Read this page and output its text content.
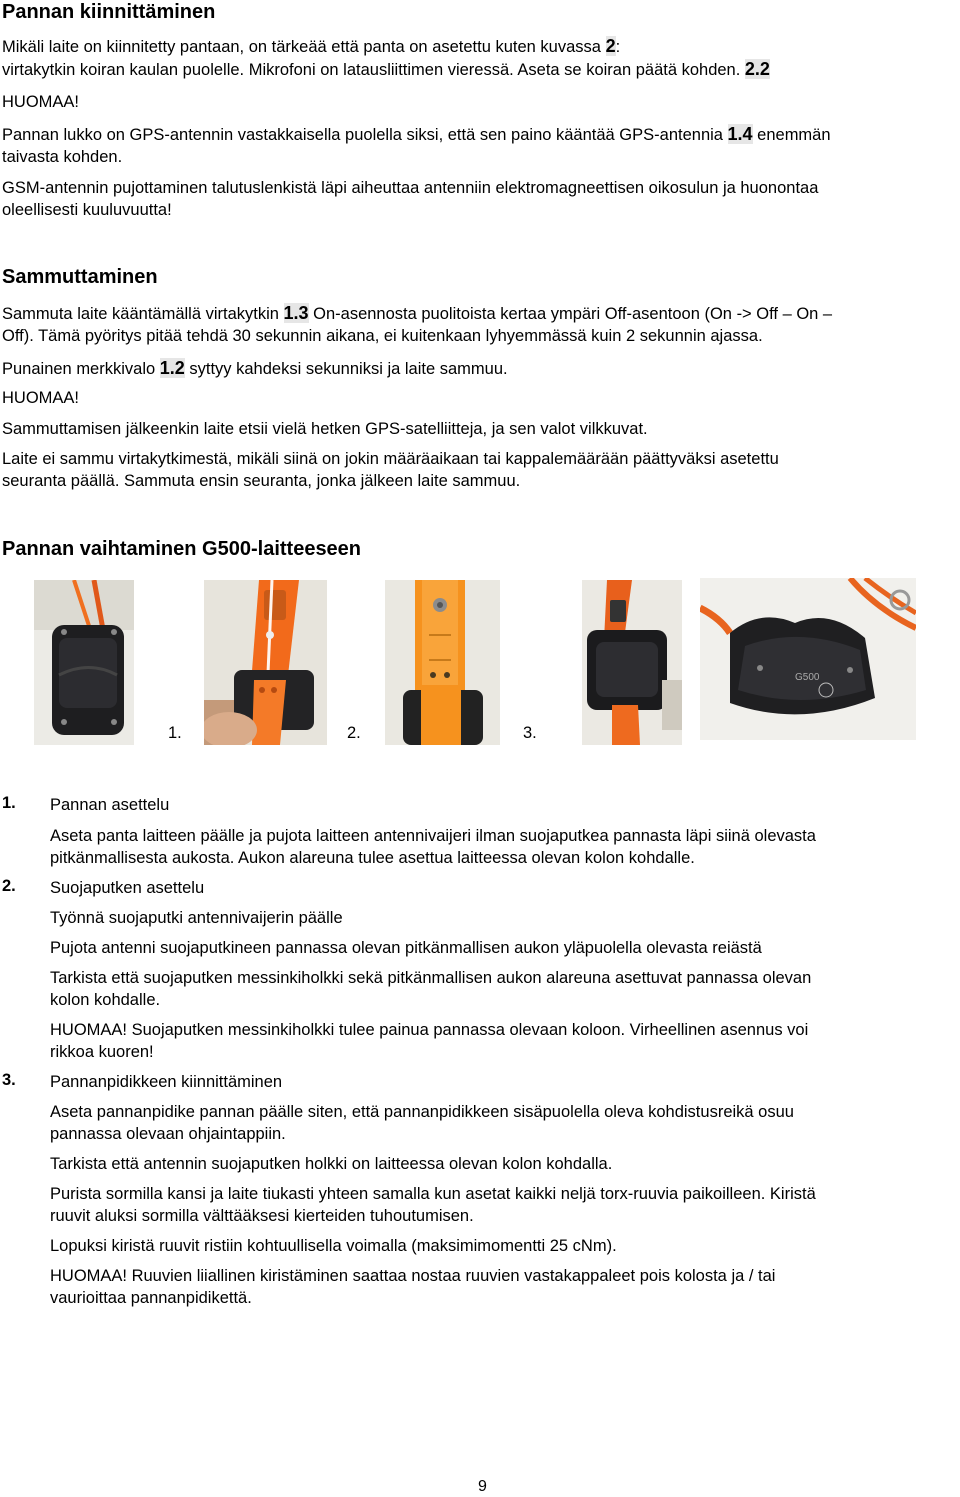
Pannan kiinnittäminen

Mikäli laite on kiinnitetty pantaan, on tärkeää että panta on asetettu kuten kuvassa 2:
virtakytkin koiran kaulan puolelle. Mikrofoni on latausliittimen vieressä. Aseta se koiran päätä kohden. 2.2

HUOMAA!

Pannan lukko on GPS-antennin vastakkaisella puolella siksi, että sen paino kääntää GPS-antennia 1.4 enemmän
taivasta kohden.

GSM-antennin pujottaminen talutuslenkistä läpi aiheuttaa antenniin elektromagneettisen oikosulun ja huonontaa
oleellisesti kuuluvuutta!

Sammuttaminen

Sammuta laite kääntämällä virtakytkin 1.3 On-asennosta puolitoista kertaa ympäri Off-asentoon (On -> Off – On –
Off). Tämä pyöritys pitää tehdä 30 sekunnin aikana, ei kuitenkaan lyhyemmässä kuin 2 sekunnin ajassa.

Punainen merkkivalo 1.2 syttyy kahdeksi sekunniksi ja laite sammuu.

HUOMAA!

Sammuttamisen jälkeenkin laite etsii vielä hetken GPS-satelliitteja, ja sen valot vilkkuvat.

Laite ei sammu virtakytkimestä, mikäli siinä on jokin määräaikaan tai kappalemäärään päättyväksi asetettu
seuranta päällä. Sammuta ensin seuranta, jonka jälkeen laite sammuu.

Pannan vaihtaminen G500-laitteeseen
G500
1.	2.	3.
1. Pannan asettelu

Aseta panta laitteen päälle ja pujota laitteen antennivaijeri ilman suojaputkea pannasta läpi siinä olevasta
pitkänmallisesta aukosta. Aukon alareuna tulee asettua laitteessa olevan kolon kohdalle.

2. Suojaputken asettelu

Työnnä suojaputki antennivaijerin päälle

Pujota antenni suojaputkineen pannassa olevan pitkänmallisen aukon yläpuolella olevasta reiästä

Tarkista että suojaputken messinkiholkki sekä pitkänmallisen aukon alareuna asettuvat pannassa olevan
kolon kohdalle.

HUOMAA! Suojaputken messinkiholkki tulee painua pannassa olevaan koloon. Virheellinen asennus voi
rikkoa kuoren!

3. Pannanpidikkeen kiinnittäminen

Aseta pannanpidike pannan päälle siten, että pannanpidikkeen sisäpuolella oleva kohdistusreikä osuu
pannassa olevaan ohjaintappiin.

Tarkista että antennin suojaputken holkki on laitteessa olevan kolon kohdalla.

Purista sormilla kansi ja laite tiukasti yhteen samalla kun asetat kaikki neljä torx-ruuvia paikoilleen. Kiristä
ruuvit aluksi sormilla välttääksesi kierteiden tuhoutumisen.

Lopuksi kiristä ruuvit ristiin kohtuullisella voimalla (maksimimomentti 25 cNm).

HUOMAA! Ruuvien liiallinen kiristäminen saattaa nostaa ruuvien vastakappaleet pois kolosta ja / tai
vaurioittaa pannanpidikettä.

9
